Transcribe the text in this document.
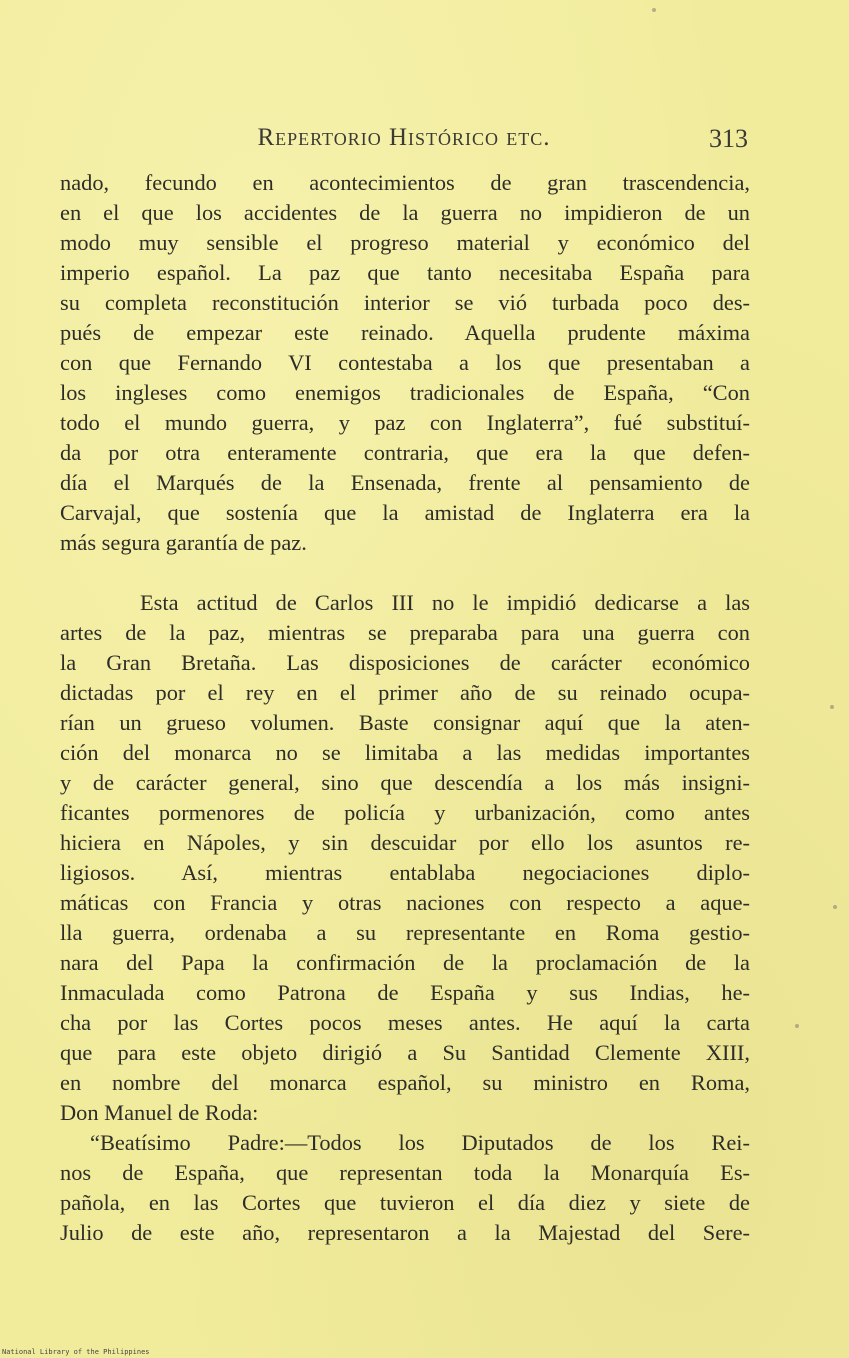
Repertorio Histórico etc.	313
nado, fecundo en acontecimientos de gran trascendencia,
en el que los accidentes de la guerra no impidieron de un
modo muy sensible el progreso material y económico del
imperio español. La paz que tanto necesitaba España para
su completa reconstitución interior se vió turbada poco des-
pués de empezar este reinado. Aquella prudente máxima
con que Fernando VI contestaba a los que presentaban a
los ingleses como enemigos tradicionales de España, “Con
todo el mundo guerra, y paz con Inglaterra”, fué substituí-
da por otra enteramente contraria, que era la que defen-
día el Marqués de la Ensenada, frente al pensamiento de
Carvajal, que sostenía que la amistad de Inglaterra era la
más segura garantía de paz.
Esta actitud de Carlos III no le impidió dedicarse a las
artes de la paz, mientras se preparaba para una guerra con
la Gran Bretaña. Las disposiciones de carácter económico
dictadas por el rey en el primer año de su reinado ocupa-
rían un grueso volumen. Baste consignar aquí que la aten-
ción del monarca no se limitaba a las medidas importantes
y de carácter general, sino que descendía a los más insigni-
ficantes pormenores de policía y urbanización, como antes
hiciera en Nápoles, y sin descuidar por ello los asuntos re-
ligiosos. Así, mientras entablaba negociaciones diplo-
máticas con Francia y otras naciones con respecto a aque-
lla guerra, ordenaba a su representante en Roma gestio-
nara del Papa la confirmación de la proclamación de la
Inmaculada como Patrona de España y sus Indias, he-
cha por las Cortes pocos meses antes. He aquí la carta
que para este objeto dirigió a Su Santidad Clemente XIII,
en nombre del monarca español, su ministro en Roma,
Don Manuel de Roda:
“Beatísimo Padre:—Todos los Diputados de los Rei-
nos de España, que representan toda la Monarquía Es-
pañola, en las Cortes que tuvieron el día diez y siete de
Julio de este año, representaron a la Majestad del Sere-
National Library of the Philippines
